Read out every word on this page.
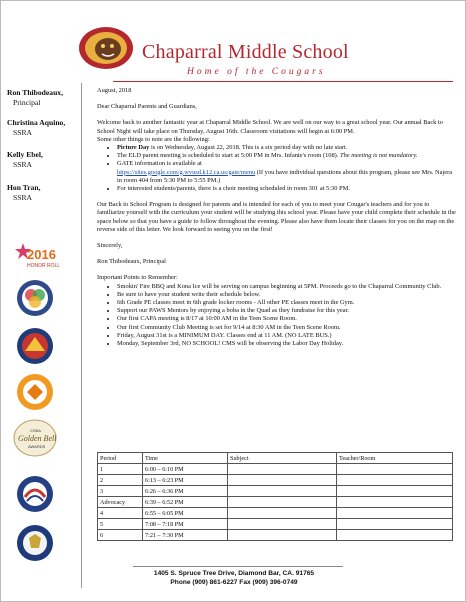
Chaparral Middle School
Home of the Cougars
Ron Thibodeaux,
Principal
Christina Aquino,
SSRA
Kelly Ebel,
SSRA
Hon Tran,
SSRA
2016
HONOR ROLL
CSBA
Golden Bell
AWARDS

August, 2018

Dear Chaparral Parents and Guardians,

Welcome back to another fantastic year at Chaparral Middle School. We are well on our way to a great school year. Our annual Back to School Night will take place on Thursday, August 16th. Classroom visitations will begin at 6:00 PM.

Some other things to note are the following:

• Picture Day is on Wednesday, August 22, 2018. This is a six period day with no late start.
• The ELD parent meeting is scheduled to start at 5:00 PM in Mrs. Infante's room (108). The meeting is not mandatory.
• GATE information is available at
https://sites.google.com/g.wvusd.k12.ca.us/gate/menu (If you have individual questions about this program, please see Mrs. Najera in room 404 from 5:30 PM to 5:55 PM.)
• For interested students/parents, there is a choir meeting scheduled in room 301 at 5:30 PM.

Our Back to School Program is designed for parents and is intended for each of you to meet your Cougar's teachers and for you to familiarize yourself with the curriculum your student will be studying this school year. Please have your child complete their schedule in the space below so that you have a guide to follow throughout the evening. Please also have them locate their classes for you on the map on the reverse side of this letter. We look forward to seeing you on the first!

Sincerely,

Ron Thibodeaux, Principal

Important Points to Remember:

• Smokin' Fire BBQ and Kona Ice will be serving on campus beginning at 5PM. Proceeds go to the Chaparral Community Club.
• Be sure to have your student write their schedule below.
• 6th Grade PE classes meet in 6th grade locker rooms - All other PE classes meet in the Gym.
• Support our PAWS Mentors by enjoying a boba in the Quad as they fundraise for this year.
• Our first CAPA meeting is 8/17 at 10:00 AM in the Teen Scene Room.
• Our first Community Club Meeting is set for 9/14 at 8:30 AM in the Teen Scene Room.
• Friday, August 31st is a MINIMUM DAY. Classes end at 11 AM. (NO LATE BUS.)
• Monday, September 3rd, NO SCHOOL! CMS will be observing the Labor Day Holiday.
Period	Time	Subject	Teacher/Room
1	6:00 – 6:10 PM		
2	6:13 – 6:23 PM		
3	6:26 – 6:36 PM		
Advocacy	6:39 – 6:52 PM		
4	6:55 – 6:05 PM		
5	7:08 – 7:18 PM		
6	7:21 – 7:30 PM		
1405 S. Spruce Tree Drive, Diamond Bar, CA. 91765
Phone (909) 861-6227 Fax (909) 396-0749
